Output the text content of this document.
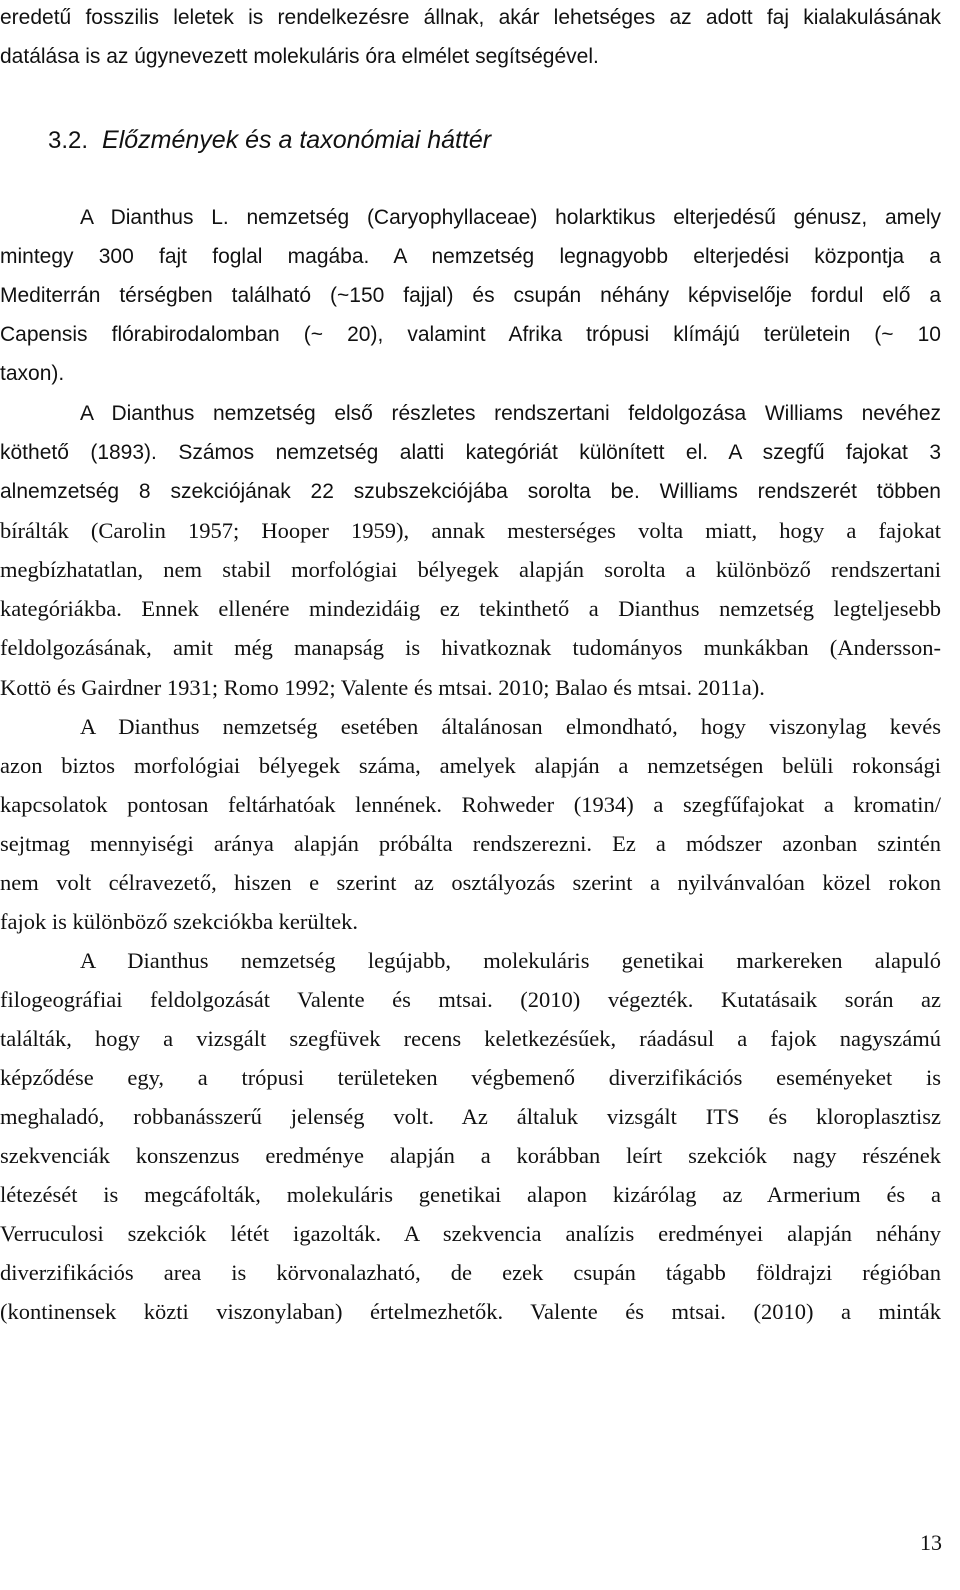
eredetű fosszilis leletek is rendelkezésre állnak, akár lehetséges az adott faj kialakulásának
datálása is az úgynevezett molekuláris óra elmélet segítségével.
3.2. Előzmények és a taxonómiai háttér
A Dianthus L. nemzetség (Caryophyllaceae) holarktikus elterjedésű génusz, amely
mintegy 300 fajt foglal magába. A nemzetség legnagyobb elterjedési központja a
Mediterrán térségben található (~150 fajjal) és csupán néhány képviselője fordul elő a
Capensis flórabirodalomban (~ 20), valamint Afrika trópusi klímájú területein (~ 10
taxon).
A Dianthus nemzetség első részletes rendszertani feldolgozása Williams nevéhez
köthető (1893). Számos nemzetség alatti kategóriát különített el. A szegfű fajokat 3
alnemzetség 8 szekciójának 22 szubszekciójába sorolta be. Williams rendszerét többen
bírálták (Carolin 1957; Hooper 1959), annak mesterséges volta miatt, hogy a fajokat
megbízhatatlan, nem stabil morfológiai bélyegek alapján sorolta a különböző rendszertani
kategóriákba. Ennek ellenére mindezidáig ez tekinthető a Dianthus nemzetség legteljesebb
feldolgozásának, amit még manapság is hivatkoznak tudományos munkákban (Andersson-
Kottö és Gairdner 1931; Romo 1992; Valente és mtsai. 2010; Balao és mtsai. 2011a).
A Dianthus nemzetség esetében általánosan elmondható, hogy viszonylag kevés
azon biztos morfológiai bélyegek száma, amelyek alapján a nemzetségen belüli rokonsági
kapcsolatok pontosan feltárhatóak lennének. Rohweder (1934) a szegfűfajokat a kromatin/
sejtmag mennyiségi aránya alapján próbálta rendszerezni. Ez a módszer azonban szintén
nem volt célravezető, hiszen e szerint az osztályozás szerint a nyilvánvalóan közel rokon
fajok is különböző szekciókba kerültek.
A Dianthus nemzetség legújabb, molekuláris genetikai markereken alapuló
filogeográfiai feldolgozását Valente és mtsai. (2010) végezték. Kutatásaik során az
találták, hogy a vizsgált szegfüvek recens keletkezésűek, ráadásul a fajok nagyszámú
képződése egy, a trópusi területeken végbemenő diverzifikációs eseményeket is
meghaladó, robbanásszerű jelenség volt. Az általuk vizsgált ITS és kloroplasztisz
szekvenciák konszenzus eredménye alapján a korábban leírt szekciók nagy részének
létezését is megcáfolták, molekuláris genetikai alapon kizárólag az Armerium és a
Verruculosi szekciók létét igazolták. A szekvencia analízis eredményei alapján néhány
diverzifikációs area is körvonalazható, de ezek csupán tágabb földrajzi régióban
(kontinensek közti viszonylaban) értelmezhetők. Valente és mtsai. (2010) a minták
13
